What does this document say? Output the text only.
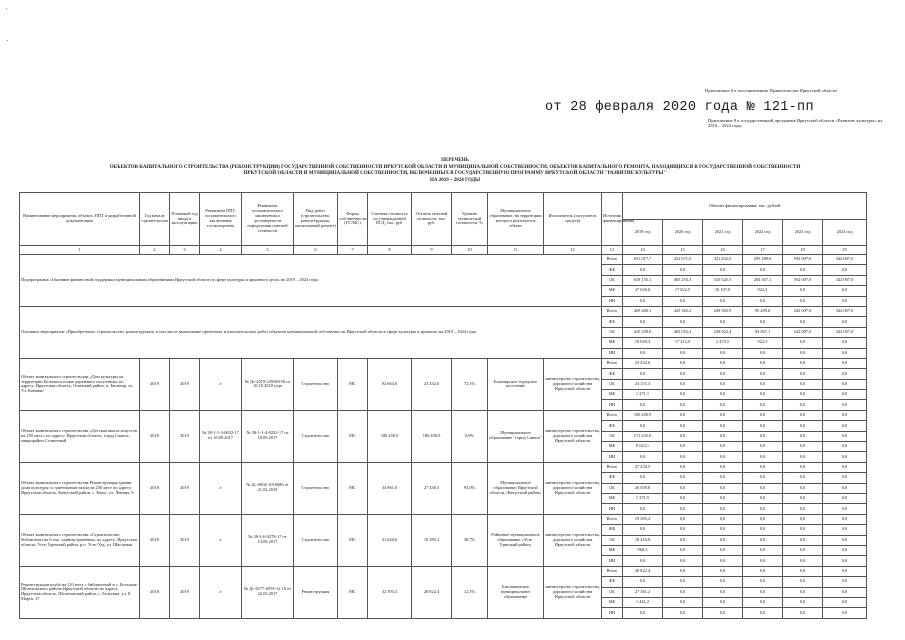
от 28 февраля 2020 года № 121-пп
Приложение 6 к постановлению Правительства Иркутской области
Приложение 8 к государственной программе Иркутской области «Развитие культуры» на 2019 – 2024 годы
ПЕРЕЧЕНЬ
ОБЪЕКТОВ КАПИТАЛЬНОГО СТРОИТЕЛЬСТВА (РЕКОНСТРУКЦИИ) ГОСУДАРСТВЕННОЙ СОБСТВЕННОСТИ ИРКУТСКОЙ ОБЛАСТИ И МУНИЦИПАЛЬНОЙ СОБСТВЕННОСТИ, ОБЪЕКТОВ КАПИТАЛЬНОГО РЕМОНТА, НАХОДЯЩИХСЯ В ГОСУДАРСТВЕННОЙ СОБСТВЕННОСТИ
ИРКУТСКОЙ ОБЛАСТИ И МУНИЦИПАЛЬНОЙ СОБСТВЕННОСТИ, ВКЛЮЧЕННЫХ В ГОСУДАРСТВЕННУЮ ПРОГРАММУ ИРКУТСКОЙ ОБЛАСТИ "РАЗВИТИЕ КУЛЬТУРЫ"
НА 2019 – 2024 ГОДЫ
Наименование мероприятия, объекта, ППТ и разработанной документации	Год начала строительства	Плановый год ввода в эксплуатацию	Реквизиты ППТ, положительного заключения госэкспертизы	Реквизиты положительного заключения о достоверности определения сметной стоимости	Вид работ (строительство, реконструкция, капитальный ремонт)	Форма собственности (ГС/МС)	Сметная стоимость по утвержденной ПСД, тыс. руб.	Остаток сметной стоимости, тыс. руб.	Уровень технической готовности, %	Муниципальное образование, на территории которого реализуется объект	Исполнитель (получатель средств)	Источник финансирования	Объемы финансирования, тыс. рублей					
													2019 год	2020 год	2021 год	2022 год	2023 год	2024 год
1	2	3	4	5	6	7	8	9	10	11	12	13	14	15	16	17	18	19
Подпрограмма «Оказание финансовой поддержки муниципальным образованиям Иркутской области в сфере культуры и архивного дела» на 2019 – 2024 годы												Всего	651 017,7	432 671,5	321 432,5	295 289,6	592 007,0	342 007,0
												ФБ	0,0	0,0	0,0	0,0	0,0	0,0
												ОБ	618 155,1	403 253,3	310 325,5	284 367,1	592 007,0	342 007,0
												МБ	27 630,6	17 022,5	10 107,0	922,5	0,0	0,0
												ИИ	0,0	0,0	0,0	0,0	0,0	0,0
Основное мероприятие «Приобретение, строительство, реконструкция, в том числе выполнение проектных и изыскательских работ объектов муниципальной собственности Иркутской области в сфере культуры и архивов» на 2019 – 2024 годы												Всего	429 468,1	420 365,2	249 392,9	95 289,6	342 007,0	342 007,0
												ФБ	0,0	0,0	0,0	0,0	0,0	0,0
												ОБ	410 258,8	403 052,3	238 922,4	94 367,1	342 007,0	342 007,0
												МБ	19 029,3	17 312,9	2 470,5	922,5	0,0	0,0
												ИИ	0,0	0,0	0,0	0,0	0,0	0,0
Объект капитального строительства «Дом культуры на территории Большого плана дорожного поселения» по адресу: Иркутская область, Осинский район, п. Бильчир, ул. Ул. Кабанко	2019	2019	х	№ Дс-2019-229569/18 от 16.10.2018 года	Строительство	МС	92 664,6	23 432,6	72,1%	Бильчирское городское поселение	министерство строительства, дорожного хозяйства Иркутской области	Всего	23 432,6	0,0	0,0	0,0	0,0	0,0
												ФБ	0,0	0,0	0,0	0,0	0,0	0,0
												ОБ	24 151,3	0,0	0,0	0,0	0,0	0,0
												МБ	1 271,1	0,0	0,0	0,0	0,0	0,0
												ИИ	0,0	0,0	0,0	0,0	0,0	0,0
Объект капитального строительства «Детская школа искусств на 450 мест» по адресу: Иркутская область, город Саянск, микрорайон Солнечный	2018	2019	№ 38-1-1-3-0652-17 от 18.09.2017	№ 38-1-1-4-0252-17 от 18.09.2017	Строительство	МС	180 458,9	180 458,9	0,0%	Муниципальное образование "город Саянск"	министерство строительства, дорожного хозяйства Иркутской области	Всего	180 458,9	0,0	0,0	0,0	0,0	0,0
												ФБ	0,0	0,0	0,0	0,0	0,0	0,0
												ОБ	171 435,8	0,0	0,0	0,0	0,0	0,0
												МБ	9 023,1	0,0	0,0	0,0	0,0	0,0
												ИИ	0,0	0,0	0,0	0,0	0,0	0,0
Объект капитального строительства Реконструкция здания дома культуры со зрительным залом на 250 мест по адресу: Иркутская область, Качугский район, с. Качуг, ул. Ленина, 8	2018	2019	х	№ Дс-0004-1018680 от 21.02.2019	Строительство	МС	34 861,0	27 430,5	93,0%	Муниципальное образование Иркутской области «Качугский район»	министерство строительства, дорожного хозяйства Иркутской области	Всего	27 430,5	0,0	0,0	0,0	0,0	0,0
												ФБ	0,0	0,0	0,0	0,0	0,0	0,0
												ОБ	26 059,0	0,0	0,0	0,0	0,0	0,0
												МБ	1 371,5	0,0	0,0	0,0	0,0	0,0
												ИИ	0,0	0,0	0,0	0,0	0,0	0,0
Объект капитального строительства «Строительство библиотеки на 6 тыс. единиц хранения» по адресу: Иркутская область, Усть-Удинский район, р.п. Усть-Уда, ул. Школьная	2018	2019	х	№ 38-1-6-0278-17 от 14.08.2017	Строительство	МС	31 620,6	19 385,2	38,7%	Районное муниципальное образование «Усть-Удинский район»	министерство строительства, дорожного хозяйства Иркутской области	Всего	19 385,2	0,0	0,0	0,0	0,0	0,0
												ФБ	0,0	0,0	0,0	0,0	0,0	0,0
												ОБ	18 416,9	0,0	0,0	0,0	0,0	0,0
												МБ	968,3	0,0	0,0	0,0	0,0	0,0
												ИИ	0,0	0,0	0,0	0,0	0,0	0,0
Реконструкция клуба на 210 мест с библиотекой в с. Бельские Шелеховского района Иркутской области по адресу Иркутская область, Шелеховский район, с. Бельские, ул. 8 Марта, 17	2018	2019	х	№ Дс-0177-0593-12 18 от 22.03.2017	Реконструкция	МС	32 393,3	28 822,4	12,1%	Баклашинское муниципальное образование	министерство строительства, дорожного хозяйства Иркутской области	Всего	28 822,4	0,0	0,0	0,0	0,0	0,0
												ФБ	0,0	0,0	0,0	0,0	0,0	0,0
												ОБ	27 381,2	0,0	0,0	0,0	0,0	0,0
												МБ	1 441,2	0,0	0,0	0,0	0,0	0,0
												ИИ	0,0	0,0	0,0	0,0	0,0	0,0
